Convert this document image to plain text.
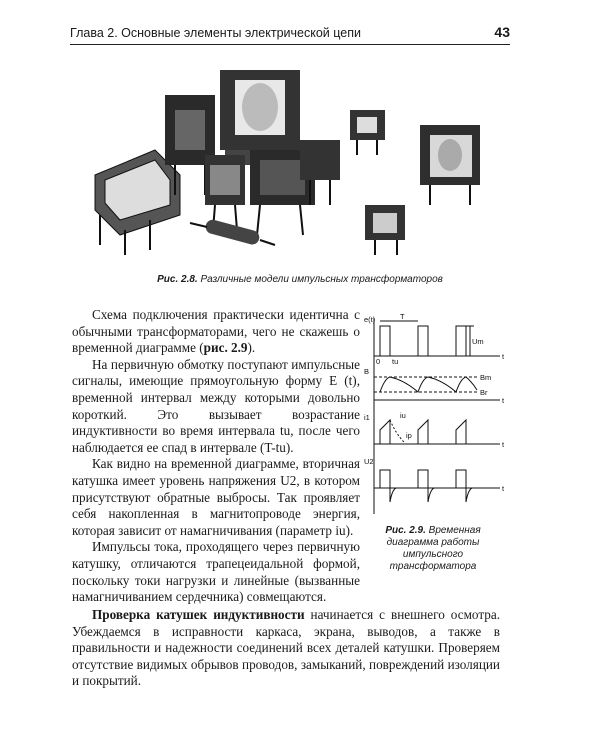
Глава 2. Основные элементы электрической цепи	43
Рис. 2.8. Различные модели импульсных трансформаторов

Схема подключения практически идентична с обычными трансформаторами, чего не скажешь о временной диаграмме (рис. 2.9).

На первичную обмотку поступают импульсные сигналы, имеющие прямоугольную форму E (t), временной интервал между которыми довольно короткий. Это вызывает возрастание индуктивности во время интервала tu, после чего наблюдается ее спад в интервале (T-tu).

Как видно на временной диаграмме, вторичная катушка имеет уровень напряжения U2, в котором присутствуют обратные выбросы. Так проявляет себя накопленная в магнитопроводе энергия, которая зависит от намагничивания (параметр iu).

Импульсы тока, проходящего через первичную катушку, отличаются трапецеидальной формой, поскольку токи нагрузки и линейные (вызванные намагничиванием сердечника) совмещаются.

e(t)	T
Um
0 tu
t
B
Bm
Br
t
i1	iu
ip
t
U2
t
Рис. 2.9. Временная диаграмма работы импульсного трансформатора

Проверка катушек индуктивности начинается с внешнего осмотра. Убеждаемся в исправности каркаса, экрана, выводов, а также в правильности и надежности соединений всех деталей катушки. Проверяем отсутствие видимых обрывов проводов, замыканий, повреждений изоляции и покрытий.
